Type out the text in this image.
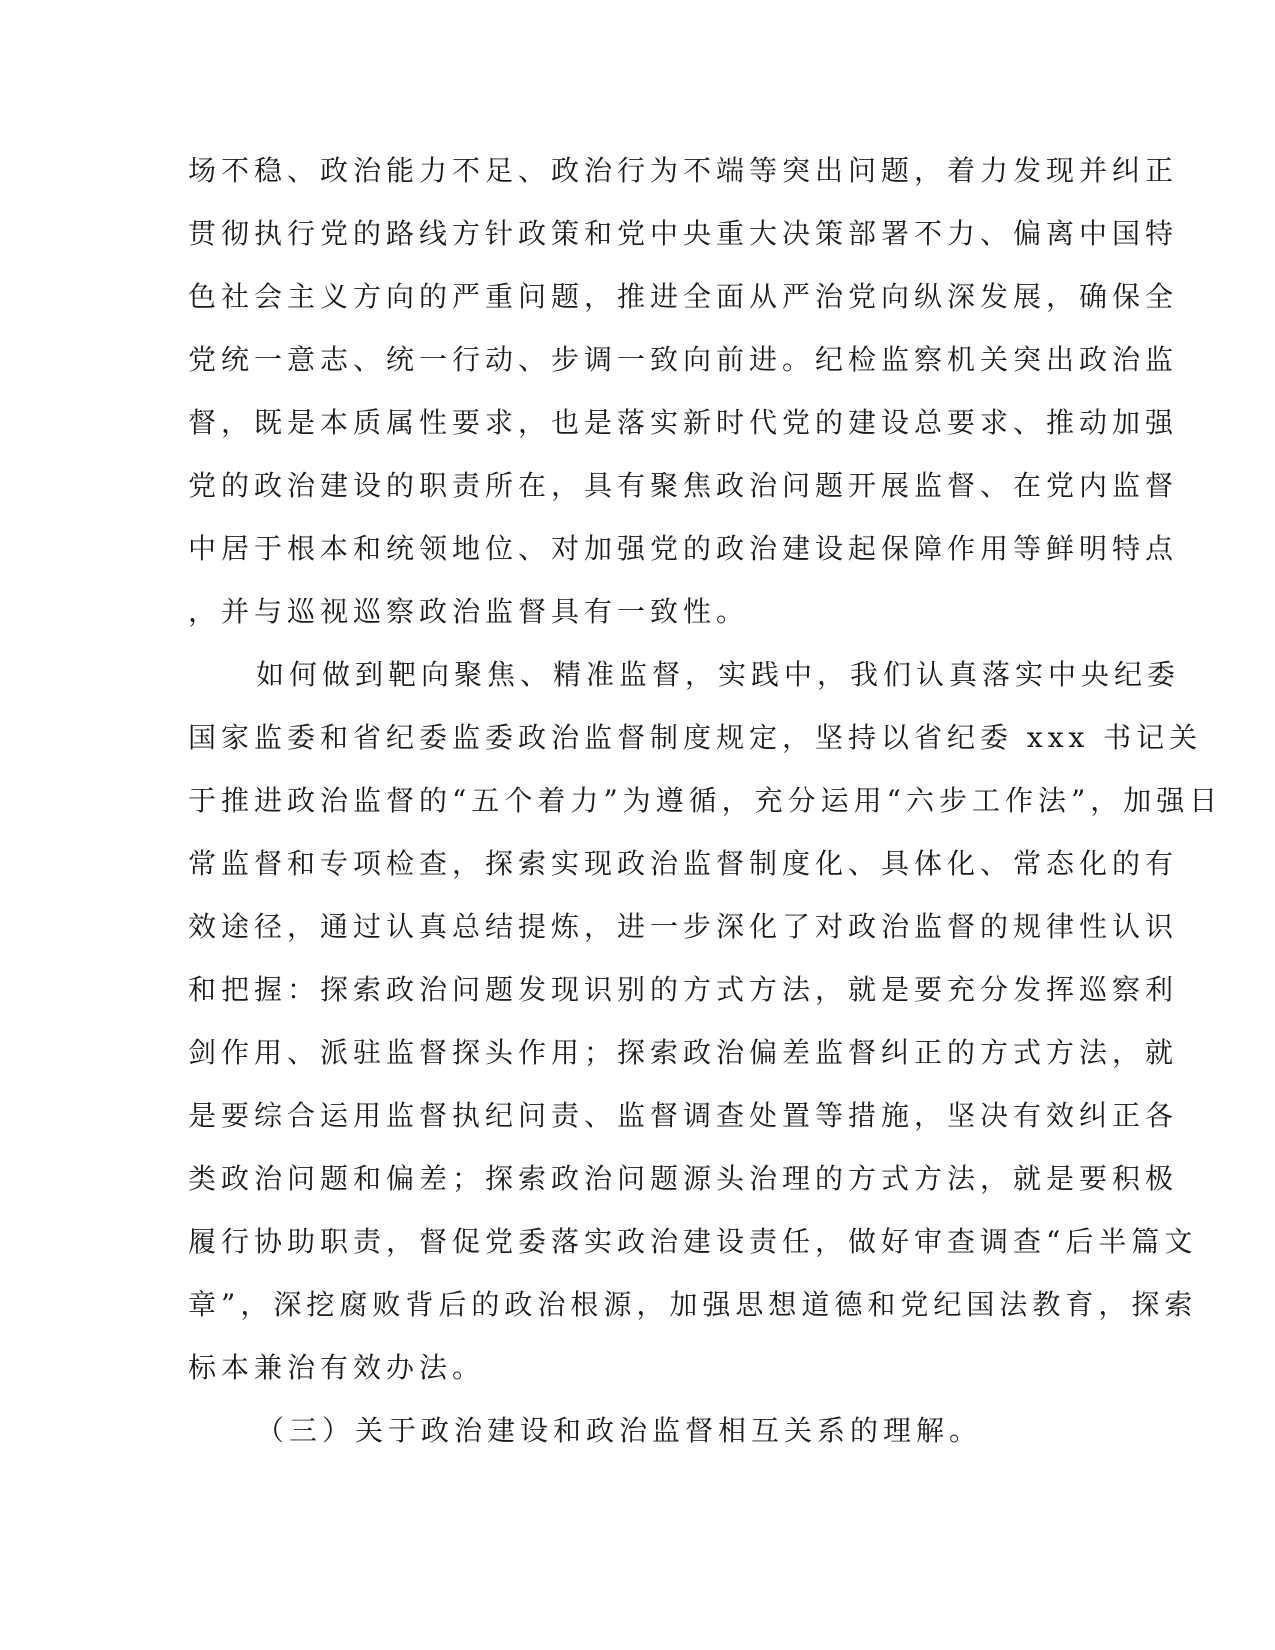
场不稳、政治能力不足、政治行为不端等突出问题，着力发现并纠正
贯彻执行党的路线方针政策和党中央重大决策部署不力、偏离中国特
色社会主义方向的严重问题，推进全面从严治党向纵深发展，确保全
党统一意志、统一行动、步调一致向前进。纪检监察机关突出政治监
督，既是本质属性要求，也是落实新时代党的建设总要求、推动加强
党的政治建设的职责所在，具有聚焦政治问题开展监督、在党内监督
中居于根本和统领地位、对加强党的政治建设起保障作用等鲜明特点
，并与巡视巡察政治监督具有一致性。
如何做到靶向聚焦、精准监督，实践中，我们认真落实中央纪委
国家监委和省纪委监委政治监督制度规定，坚持以省纪委 xxx 书记关
于推进政治监督的“五个着力”为遵循，充分运用“六步工作法”，加强日
常监督和专项检查，探索实现政治监督制度化、具体化、常态化的有
效途径，通过认真总结提炼，进一步深化了对政治监督的规律性认识
和把握：探索政治问题发现识别的方式方法，就是要充分发挥巡察利
剑作用、派驻监督探头作用；探索政治偏差监督纠正的方式方法，就
是要综合运用监督执纪问责、监督调查处置等措施，坚决有效纠正各
类政治问题和偏差；探索政治问题源头治理的方式方法，就是要积极
履行协助职责，督促党委落实政治建设责任，做好审查调查“后半篇文
章”，深挖腐败背后的政治根源，加强思想道德和党纪国法教育，探索
标本兼治有效办法。
（三）关于政治建设和政治监督相互关系的理解。
